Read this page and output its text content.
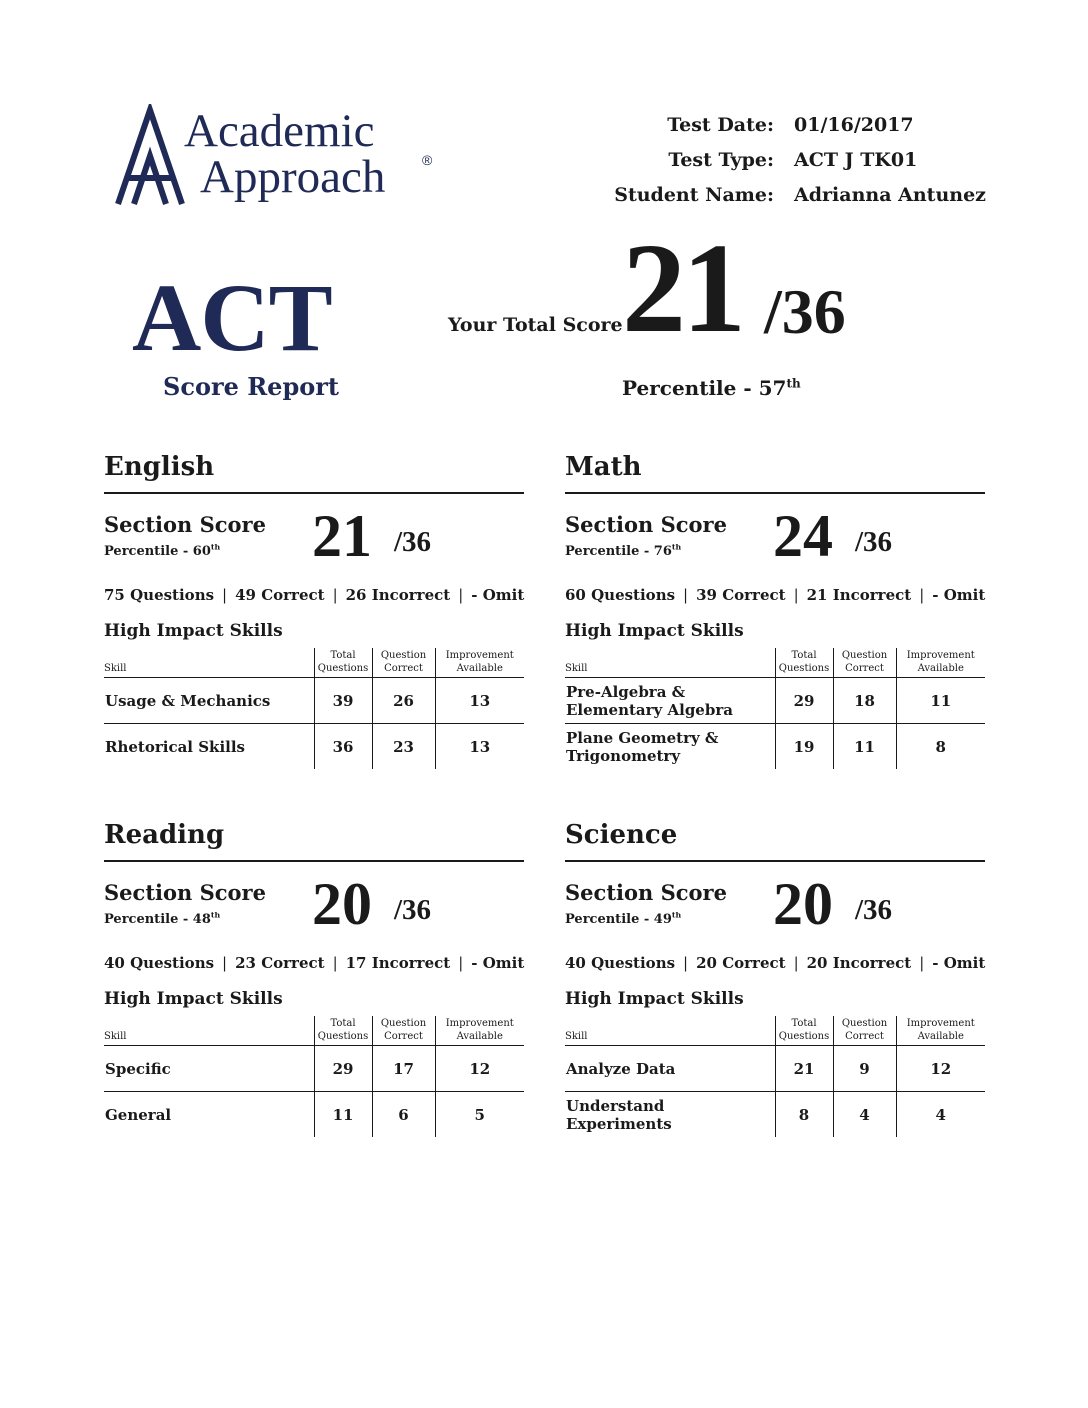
Academic
Approach	®
Test Date: 01/16/2017
Test Type: ACT J TK01
Student Name: Adrianna Antunez
ACT
Score Report
Your Total Score 21 /36
Percentile - 57th
English
Section Score
Percentile - 60th 21 /36
75 Questions | 49 Correct | 26 Incorrect | - Omit
High Impact Skills
Skill	Total Questions	Question Correct	Improvement Available
Usage & Mechanics	39	26	13
Rhetorical Skills	36	23	13
Math
Section Score
Percentile - 76th 24 /36
60 Questions | 39 Correct | 21 Incorrect | - Omit
High Impact Skills
Skill	Total Questions	Question Correct	Improvement Available
Pre-Algebra & Elementary Algebra	29	18	11
Plane Geometry & Trigonometry	19	11	8
Reading
Section Score
Percentile - 48th 20 /36
40 Questions | 23 Correct | 17 Incorrect | - Omit
High Impact Skills
Skill	Total Questions	Question Correct	Improvement Available
Specific	29	17	12
General	11	6	5
Science
Section Score
Percentile - 49th 20 /36
40 Questions | 20 Correct | 20 Incorrect | - Omit
High Impact Skills
Skill	Total Questions	Question Correct	Improvement Available
Analyze Data	21	9	12
Understand Experiments	8	4	4
